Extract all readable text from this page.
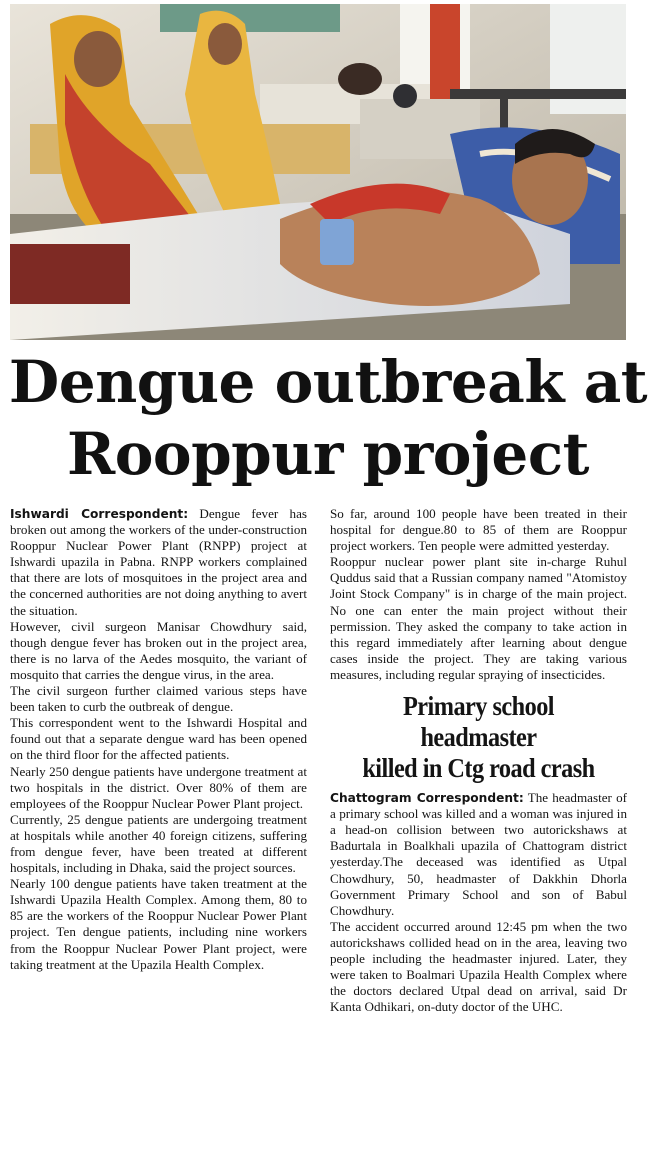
Dengue outbreak at
Rooppur project

Ishwardi Correspondent: Dengue fever has broken out among the workers of the under-construction Rooppur Nuclear Power Plant (RNPP) project at Ishwardi upazila in Pabna. RNPP workers complained that there are lots of mosquitoes in the project area and the concerned authorities are not doing anything to avert the situation.

However, civil surgeon Manisar Chowdhury said, though dengue fever has broken out in the project area, there is no larva of the Aedes mosquito, the variant of mosquito that carries the dengue virus, in the area.

The civil surgeon further claimed various steps have been taken to curb the outbreak of dengue.

This correspondent went to the Ishwardi Hospital and found out that a separate dengue ward has been opened on the third floor for the affected patients.

Nearly 250 dengue patients have undergone treatment at two hospitals in the district. Over 80% of them are employees of the Rooppur Nuclear Power Plant project.

Currently, 25 dengue patients are undergoing treatment at hospitals while another 40 foreign citizens, suffering from dengue fever, have been treated at different hospitals, including in Dhaka, said the project sources.

Nearly 100 dengue patients have taken treatment at the Ishwardi Upazila Health Complex. Among them, 80 to 85 are the workers of the Rooppur Nuclear Power Plant project. Ten dengue patients, including nine workers from the Rooppur Nuclear Power Plant project, were taking treatment at the Upazila Health Complex.

So far, around 100 people have been treated in their hospital for dengue.80 to 85 of them are Rooppur project workers. Ten people were admitted yesterday.

Rooppur nuclear power plant site in-charge Ruhul Quddus said that a Russian company named "Atomistoy Joint Stock Company" is in charge of the main project. No one can enter the main project without their permission. They asked the company to take action in this regard immediately after learning about dengue cases inside the project. They are taking various measures, including regular spraying of insecticides.

Primary school headmaster
killed in Ctg road crash

Chattogram Correspondent: The headmaster of a primary school was killed and a woman was injured in a head-on collision between two autorickshaws at Badurtala in Boalkhali upazila of Chattogram district yesterday.The deceased was identified as Utpal Chowdhury, 50, headmaster of Dakkhin Dhorla Government Primary School and son of Babul Chowdhury.

The accident occurred around 12:45 pm when the two autorickshaws collided head on in the area, leaving two people including the headmaster injured. Later, they were taken to Boalmari Upazila Health Complex where the doctors declared Utpal dead on arrival, said Dr Kanta Odhikari, on-duty doctor of the UHC.
